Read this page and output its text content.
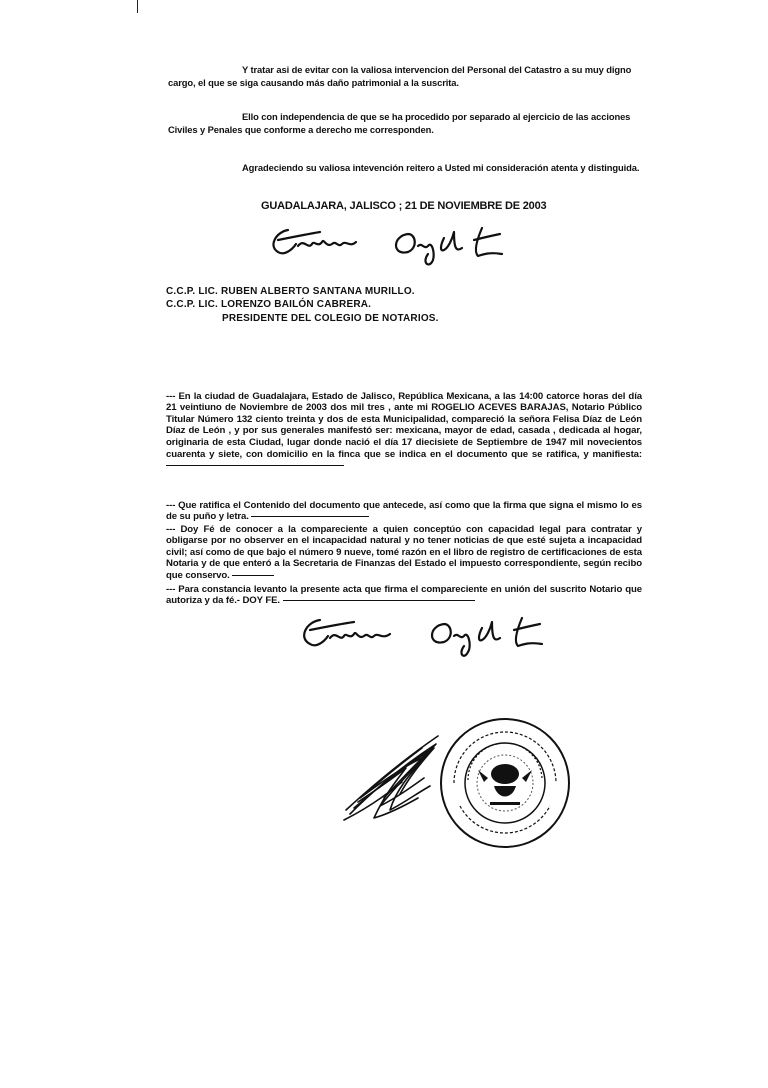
Y tratar asi de evitar con la valiosa intervencion del Personal del Catastro a su muy digno cargo, el que se siga causando más daño patrimonial a la suscrita.

Ello con independencia de que se ha procedido por separado al ejercicio de las acciones Civiles y Penales que conforme a derecho me corresponden.

Agradeciendo su valiosa intevención reitero a Usted mi consideración atenta y distinguida.

GUADALAJARA, JALISCO ; 21 DE NOVIEMBRE DE 2003
C.C.P. LIC. RUBEN ALBERTO SANTANA MURILLO.
C.C.P. LIC. LORENZO BAILÓN CABRERA.
PRESIDENTE DEL COLEGIO DE NOTARIOS.

--- En la ciudad de Guadalajara, Estado de Jalisco, República Mexicana, a las 14:00 catorce horas del día 21 veintiuno de Noviembre de 2003 dos mil tres , ante mi ROGELIO ACEVES BARAJAS, Notario Público Titular Número 132 ciento treinta y dos de esta Municipalidad, compareció la señora Felisa Díaz de León Díaz de León , y por sus generales manifestó ser: mexicana, mayor de edad, casada , dedicada al hogar, originaria de esta Ciudad, lugar donde nació el día 17 diecisiete de Septiembre de 1947 mil novecientos cuarenta y siete, con domicilio en la finca que se indica en el documento que se ratifica, y manifiesta:

--- Que ratifica el Contenido del documento que antecede, así como que la firma que signa el mismo lo es de su puño y letra.

--- Doy Fé de conocer a la compareciente a quien conceptúo con capacidad legal para contratar y obligarse por no observer en el incapacidad natural y no tener noticias de que esté sujeta a incapacidad civil; así como de que bajo el número 9 nueve, tomé razón en el libro de registro de certificaciones de esta Notaria y de que enteró a la Secretaria de Finanzas del Estado el impuesto correspondiente, según recibo que conservo.

--- Para constancia levanto la presente acta que firma el compareciente en unión del suscrito Notario que autoriza y da fé.- DOY FE.
